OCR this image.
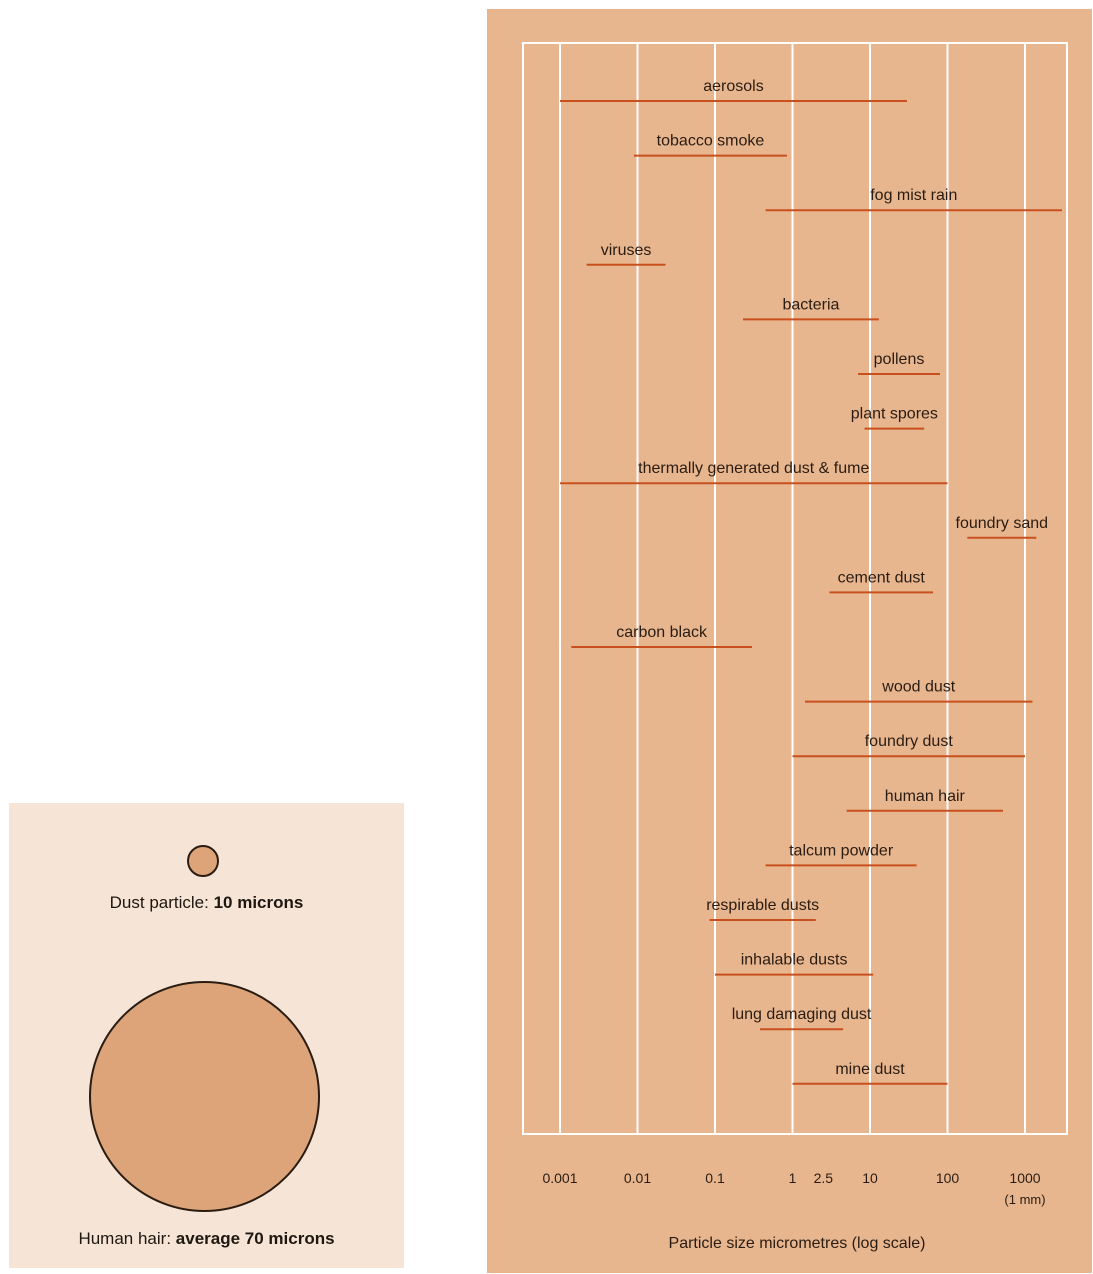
Dust particle: 10 microns
Human hair: average 70 microns
aerosols
tobacco smoke
fog mist rain
viruses
bacteria
pollens
plant spores
thermally generated dust & fume
foundry sand
cement dust
carbon black
wood dust
foundry dust
human hair
talcum powder
respirable dusts
inhalable dusts
lung damaging dust
mine dust
0.001	0.01	0.1	1 2.5 10	100	1000
(1 mm)
Particle size micrometres (log scale)
